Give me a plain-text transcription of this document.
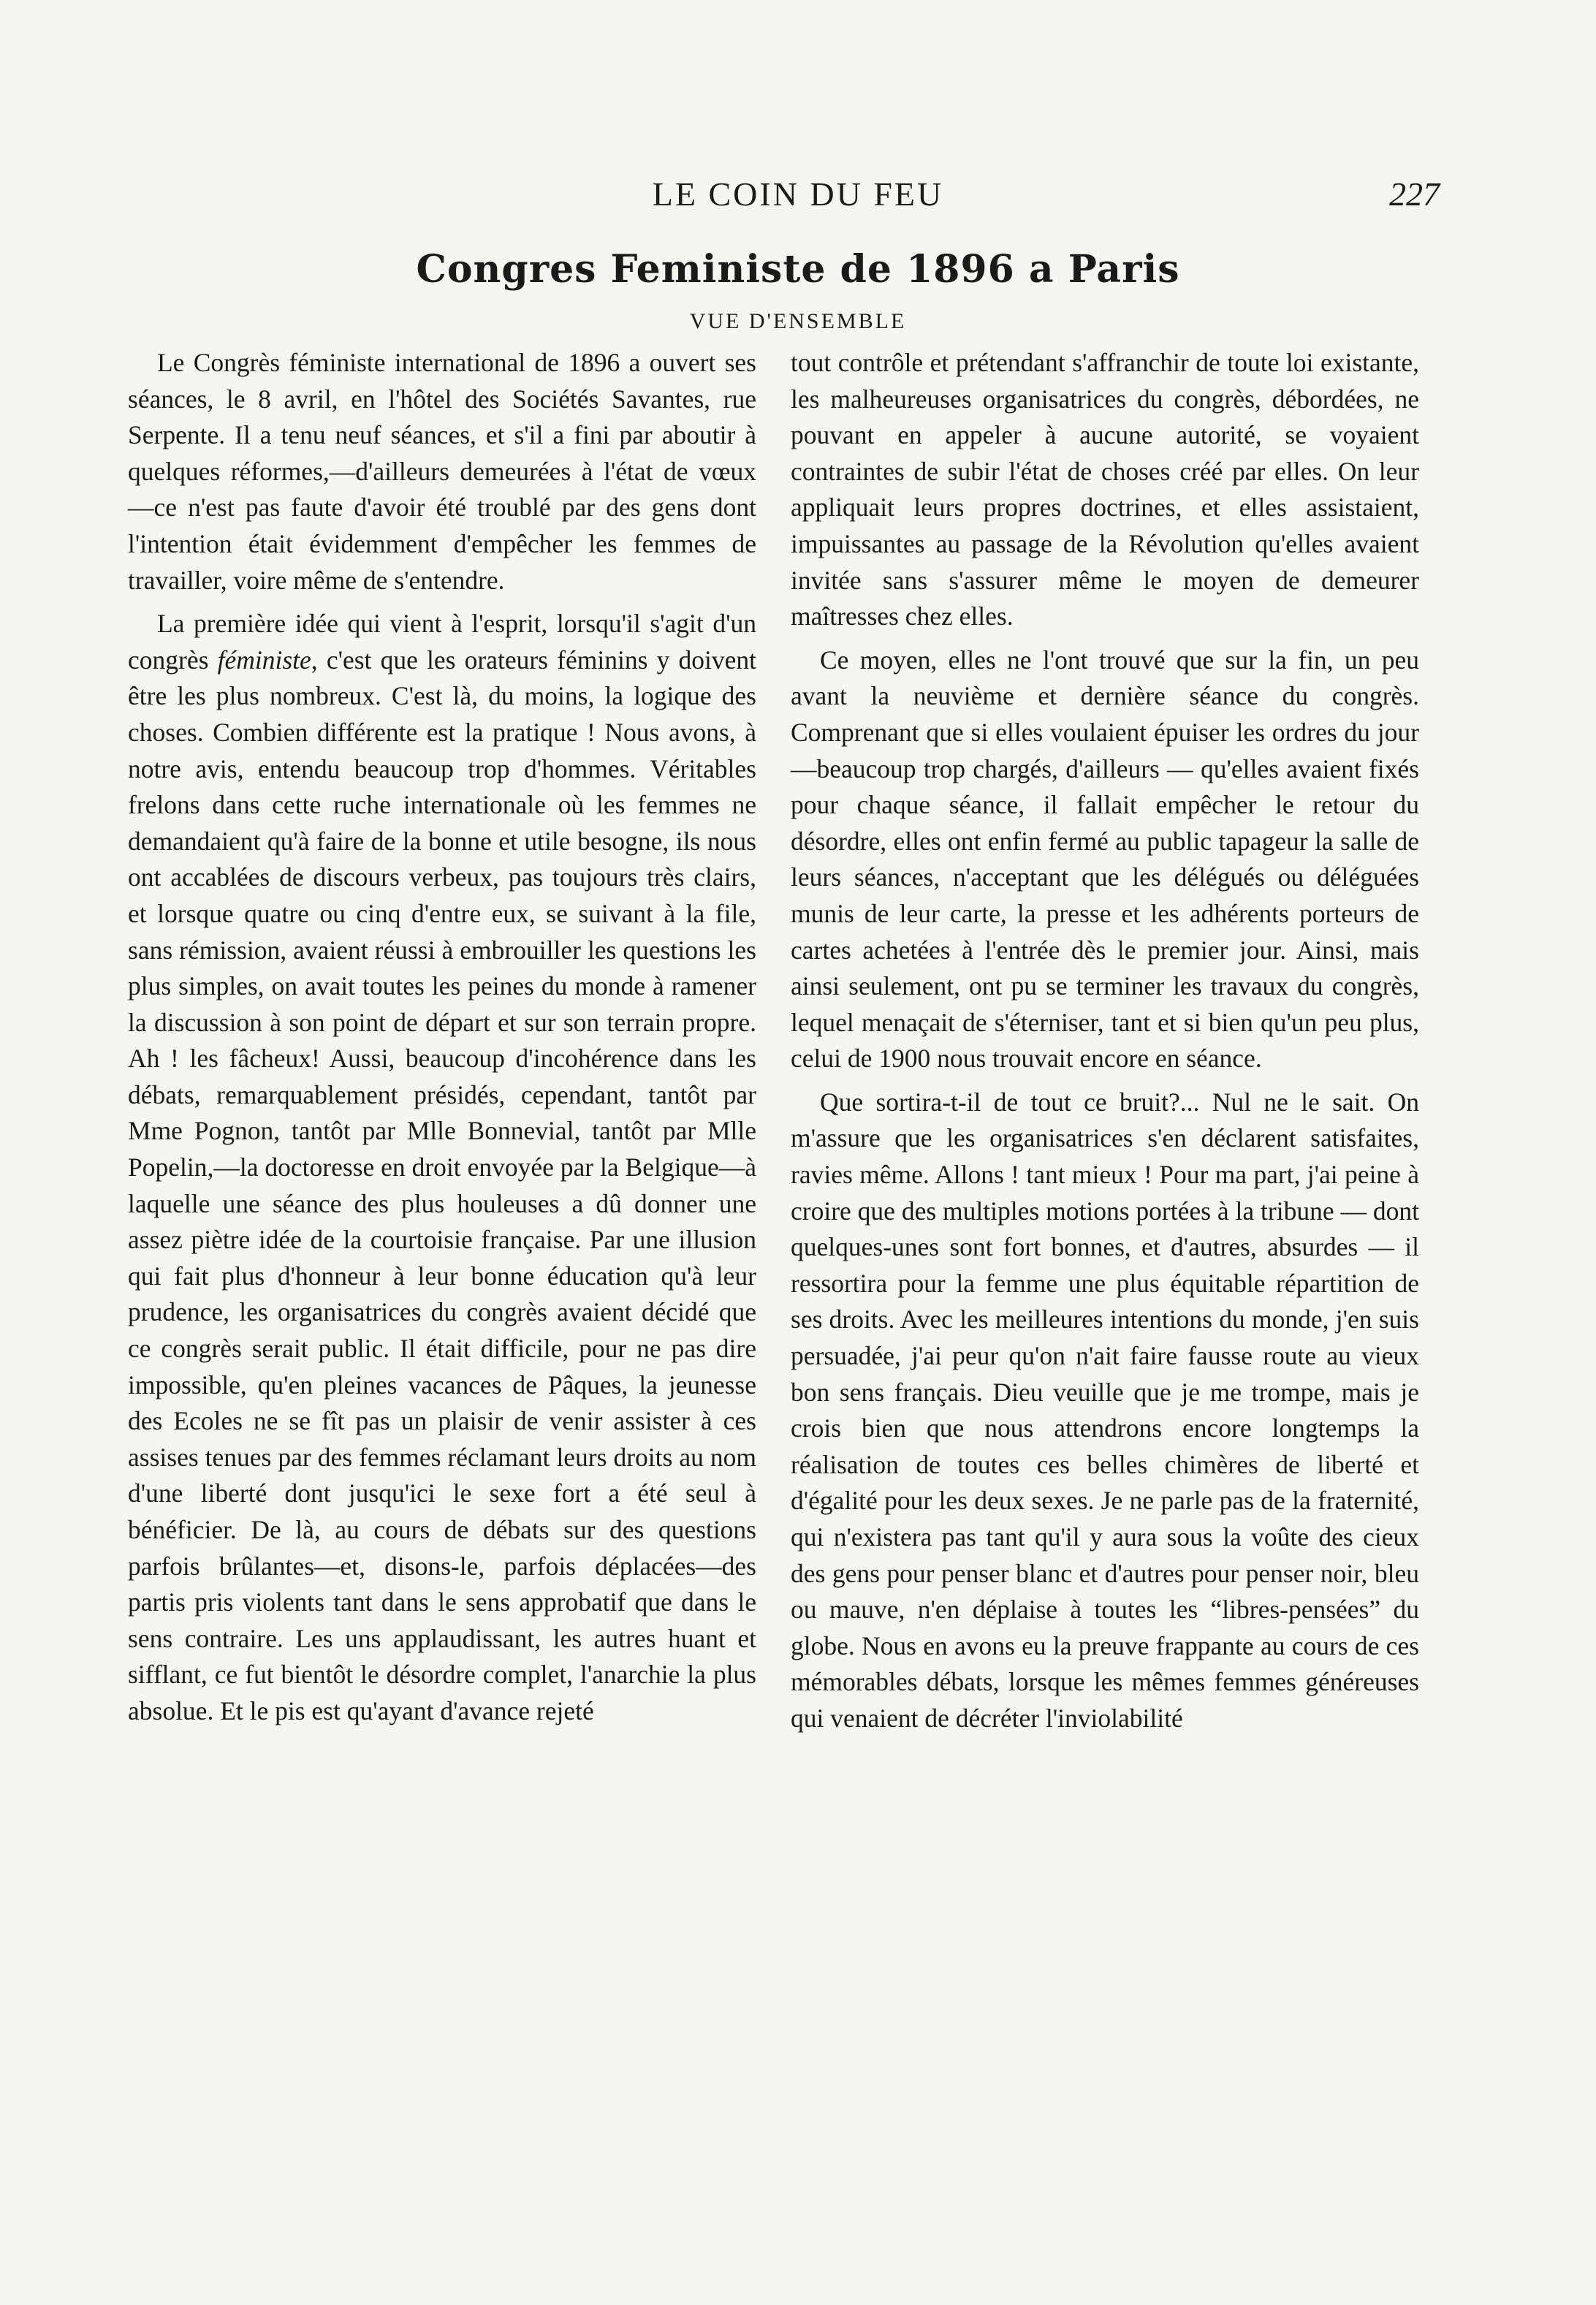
LE COIN DU FEU	227
Congres Feministe de 1896 a Paris
VUE D'ENSEMBLE

Le Congrès féministe international de 1896 a ouvert ses séances, le 8 avril, en l'hôtel des Sociétés Savantes, rue Serpente. Il a tenu neuf séances, et s'il a fini par aboutir à quelques réformes,—d'ailleurs demeurées à l'état de vœux—ce n'est pas faute d'avoir été troublé par des gens dont l'intention était évidemment d'empêcher les femmes de travailler, voire même de s'entendre.

La première idée qui vient à l'esprit, lorsqu'il s'agit d'un congrès féministe, c'est que les orateurs féminins y doivent être les plus nombreux. C'est là, du moins, la logique des choses. Combien différente est la pratique ! Nous avons, à notre avis, entendu beaucoup trop d'hommes. Véritables frelons dans cette ruche internationale où les femmes ne demandaient qu'à faire de la bonne et utile besogne, ils nous ont accablées de discours verbeux, pas toujours très clairs, et lorsque quatre ou cinq d'entre eux, se suivant à la file, sans rémission, avaient réussi à embrouiller les questions les plus simples, on avait toutes les peines du monde à ramener la discussion à son point de départ et sur son terrain propre. Ah ! les fâcheux! Aussi, beaucoup d'incohérence dans les débats, remarquablement présidés, cependant, tantôt par Mme Pognon, tantôt par Mlle Bonnevial, tantôt par Mlle Popelin,—la doctoresse en droit envoyée par la Belgique—à laquelle une séance des plus houleuses a dû donner une assez piètre idée de la courtoisie française. Par une illusion qui fait plus d'honneur à leur bonne éducation qu'à leur prudence, les organisatrices du congrès avaient décidé que ce congrès serait public. Il était difficile, pour ne pas dire impossible, qu'en pleines vacances de Pâques, la jeunesse des Ecoles ne se fît pas un plaisir de venir assister à ces assises tenues par des femmes réclamant leurs droits au nom d'une liberté dont jusqu'ici le sexe fort a été seul à bénéficier. De là, au cours de débats sur des questions parfois brûlantes—et, disons-le, parfois déplacées—des partis pris violents tant dans le sens approbatif que dans le sens contraire. Les uns applaudissant, les autres huant et sifflant, ce fut bientôt le désordre complet, l'anarchie la plus absolue. Et le pis est qu'ayant d'avance rejeté

tout contrôle et prétendant s'affranchir de toute loi existante, les malheureuses organisatrices du congrès, débordées, ne pouvant en appeler à aucune autorité, se voyaient contraintes de subir l'état de choses créé par elles. On leur appliquait leurs propres doctrines, et elles assistaient, impuissantes au passage de la Révolution qu'elles avaient invitée sans s'assurer même le moyen de demeurer maîtresses chez elles.

Ce moyen, elles ne l'ont trouvé que sur la fin, un peu avant la neuvième et dernière séance du congrès. Comprenant que si elles voulaient épuiser les ordres du jour—beaucoup trop chargés, d'ailleurs — qu'elles avaient fixés pour chaque séance, il fallait empêcher le retour du désordre, elles ont enfin fermé au public tapageur la salle de leurs séances, n'acceptant que les délégués ou déléguées munis de leur carte, la presse et les adhérents porteurs de cartes achetées à l'entrée dès le premier jour. Ainsi, mais ainsi seulement, ont pu se terminer les travaux du congrès, lequel menaçait de s'éterniser, tant et si bien qu'un peu plus, celui de 1900 nous trouvait encore en séance.

Que sortira-t-il de tout ce bruit?... Nul ne le sait. On m'assure que les organisatrices s'en déclarent satisfaites, ravies même. Allons ! tant mieux ! Pour ma part, j'ai peine à croire que des multiples motions portées à la tribune — dont quelques-unes sont fort bonnes, et d'autres, absurdes — il ressortira pour la femme une plus équitable répartition de ses droits. Avec les meilleures intentions du monde, j'en suis persuadée, j'ai peur qu'on n'ait faire fausse route au vieux bon sens français. Dieu veuille que je me trompe, mais je crois bien que nous attendrons encore longtemps la réalisation de toutes ces belles chimères de liberté et d'égalité pour les deux sexes. Je ne parle pas de la fraternité, qui n'existera pas tant qu'il y aura sous la voûte des cieux des gens pour penser blanc et d'autres pour penser noir, bleu ou mauve, n'en déplaise à toutes les “libres-pensées” du globe. Nous en avons eu la preuve frappante au cours de ces mémorables débats, lorsque les mêmes femmes généreuses qui venaient de décréter l'inviolabilité
